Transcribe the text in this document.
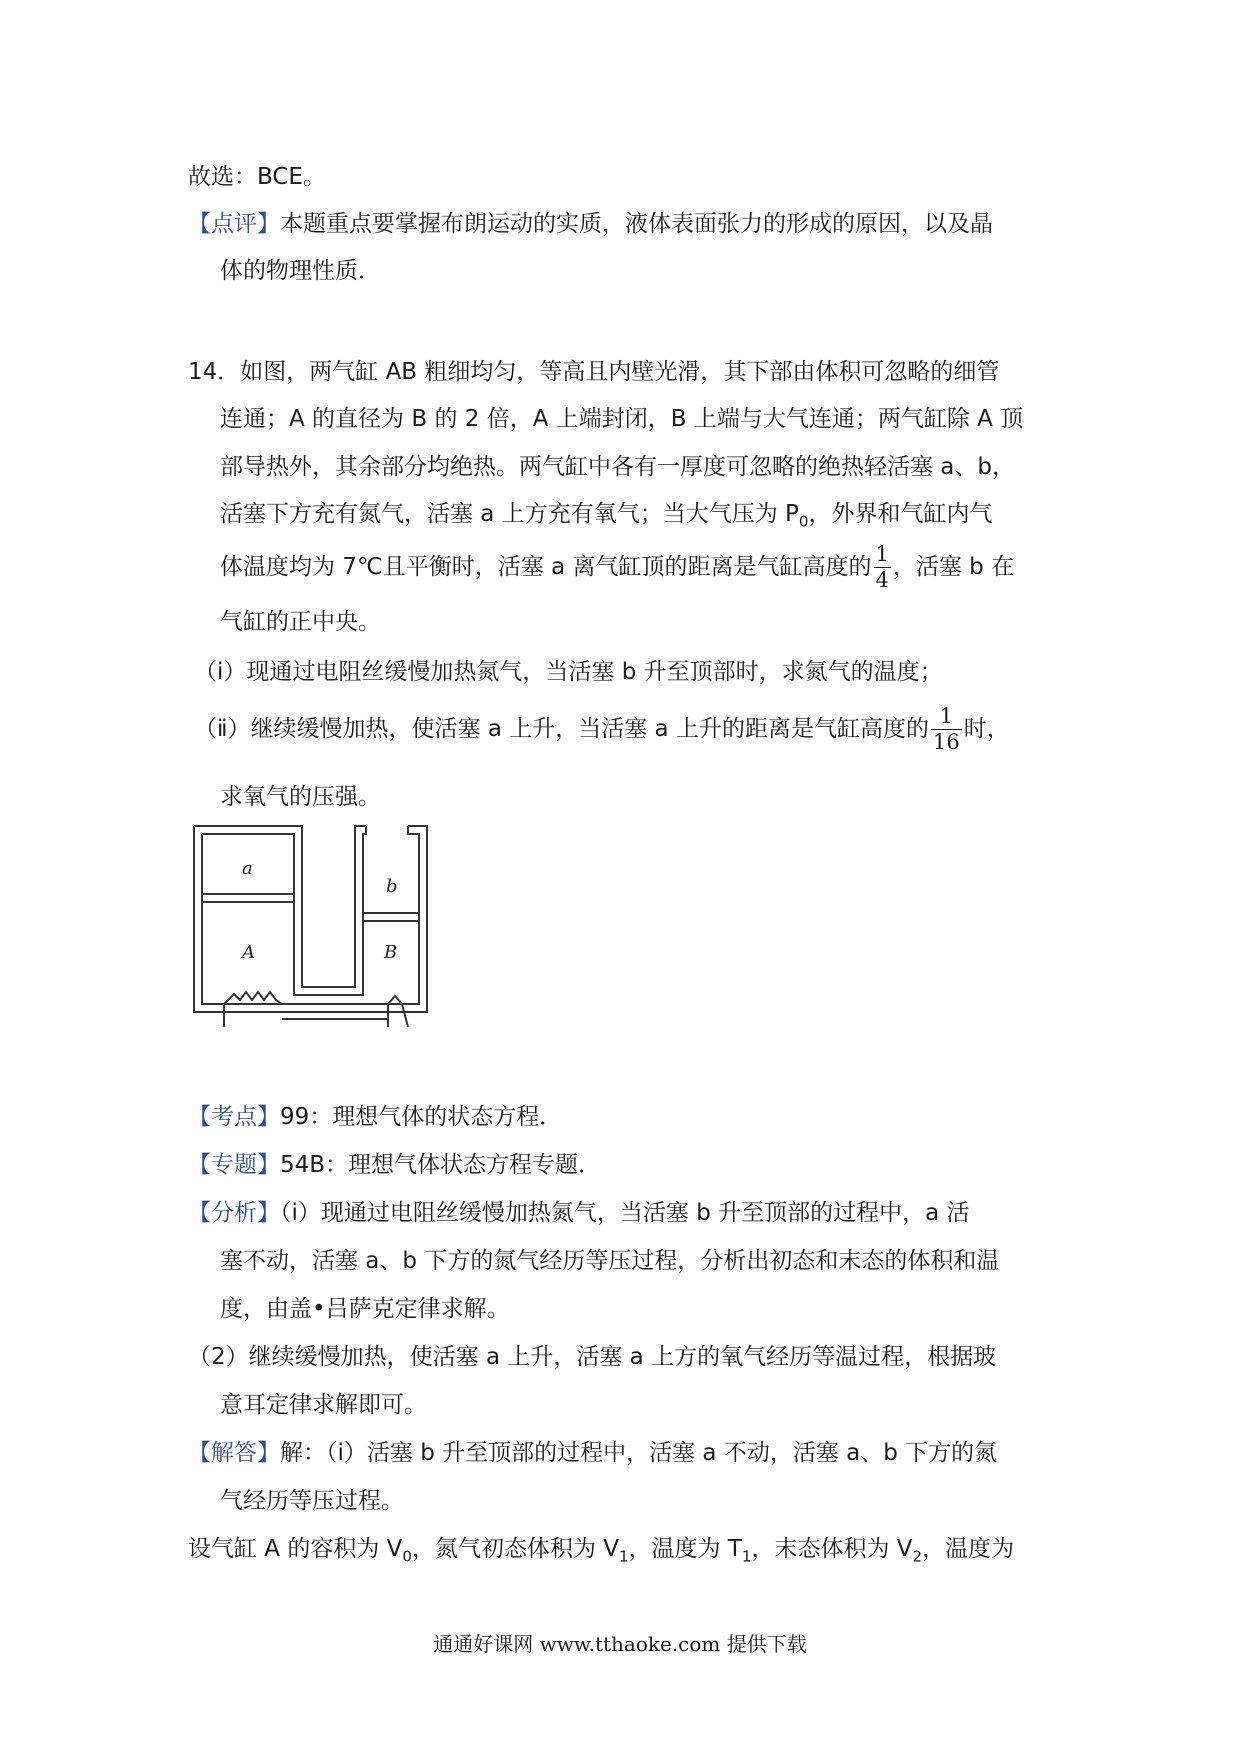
故选：BCE。
【点评】本题重点要掌握布朗运动的实质，液体表面张力的形成的原因，以及晶
体的物理性质．
14．如图，两气缸 AB 粗细均匀，等高且内壁光滑，其下部由体积可忽略的细管
连通；A 的直径为 B 的 2 倍，A 上端封闭，B 上端与大气连通；两气缸除 A 顶
部导热外，其余部分均绝热。两气缸中各有一厚度可忽略的绝热轻活塞 a、b，
活塞下方充有氮气，活塞 a 上方充有氧气；当大气压为 $P_0$，外界和气缸内气
体温度均为 7℃且平衡时，活塞 a 离气缸顶的距离是气缸高度的 $\frac{1}{4}$ ，活塞 b 在
气缸的正中央。
（ⅰ）现通过电阻丝缓慢加热氮气，当活塞 b 升至顶部时，求氮气的温度；
（ⅱ）继续缓慢加热，使活塞 a 上升，当活塞 a 上升的距离是气缸高度的 $\frac{1}{16}$ 时，
求氧气的压强。
a
A
b
B
【考点】99：理想气体的状态方程．
【专题】54B：理想气体状态方程专题．
【分析】（ⅰ）现通过电阻丝缓慢加热氮气，当活塞 b 升至顶部的过程中，a 活
塞不动，活塞 a、b 下方的氮气经历等压过程，分析出初态和末态的体积和温
度，由盖•吕萨克定律求解。
（2）继续缓慢加热，使活塞 a 上升，活塞 a 上方的氧气经历等温过程，根据玻
意耳定律求解即可。
【解答】解：（ⅰ）活塞 b 升至顶部的过程中，活塞 a 不动，活塞 a、b 下方的氮
气经历等压过程。
设气缸 A 的容积为 $V_0$，氮气初态体积为 $V_1$，温度为 $T_1$，末态体积为 $V_2$，温度为
通通好课网 www.tthaoke.com 提供下载
